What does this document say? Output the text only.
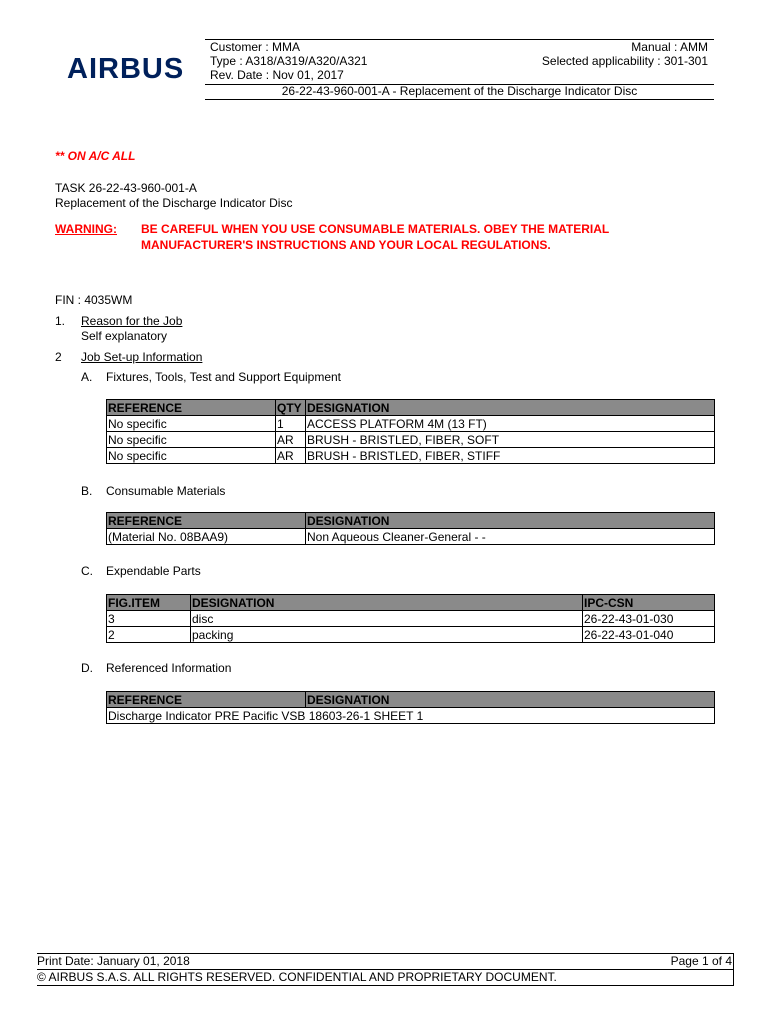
AIRBUS
Customer : MMA	Manual : AMM
Type : A318/A319/A320/A321	Selected applicability : 301-301
Rev. Date : Nov 01, 2017
26-22-43-960-001-A - Replacement of the Discharge Indicator Disc
** ON A/C ALL
TASK 26-22-43-960-001-A
Replacement of the Discharge Indicator Disc
WARNING: BE CAREFUL WHEN YOU USE CONSUMABLE MATERIALS. OBEY THE MATERIAL
MANUFACTURER'S INSTRUCTIONS AND YOUR LOCAL REGULATIONS.
FIN : 4035WM
1. Reason for the Job
Self explanatory
2 Job Set-up Information
A. Fixtures, Tools, Test and Support Equipment
REFERENCE	QTY	DESIGNATION
No specific	1	ACCESS PLATFORM 4M (13 FT)
No specific	AR	BRUSH - BRISTLED, FIBER, SOFT
No specific	AR	BRUSH - BRISTLED, FIBER, STIFF
B. Consumable Materials
REFERENCE	DESIGNATION
(Material No. 08BAA9)	Non Aqueous Cleaner-General - -
C. Expendable Parts
FIG.ITEM	DESIGNATION	IPC-CSN
3	disc	26-22-43-01-030
2	packing	26-22-43-01-040
D. Referenced Information
REFERENCE	DESIGNATION
Discharge Indicator PRE Pacific VSB 18603-26-1 SHEET 1
Print Date: January 01, 2018	Page 1 of 4
© AIRBUS S.A.S. ALL RIGHTS RESERVED. CONFIDENTIAL AND PROPRIETARY DOCUMENT.
